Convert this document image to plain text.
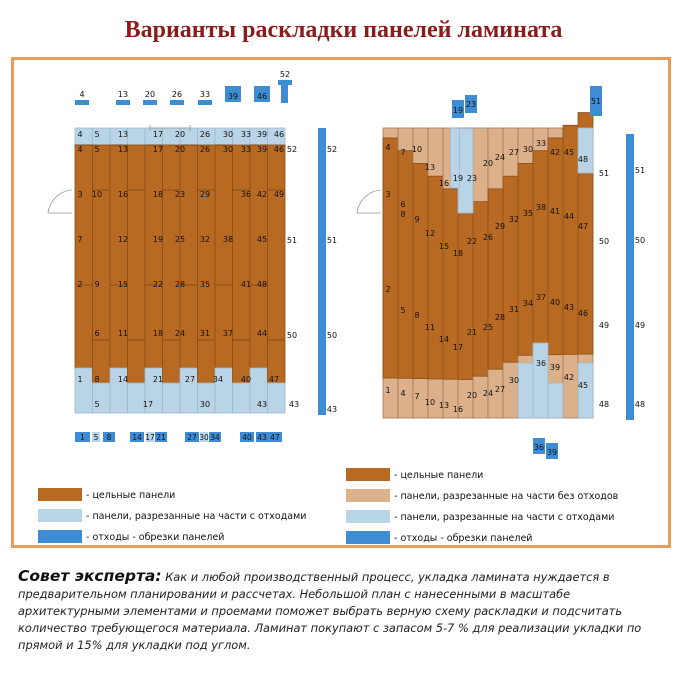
Варианты раскладки панелей ламината
4 5 13	17 20 26 30 33 39 46
4 5 13	17 20 26 30 33 39 46
3 10 16	18 23 29	36 42 49
7	12	19 25 32 38	45
2 9 15	22 28 35	41 48
6 11	18 24 31 37	44
1 8 14	21	27 34 40 47
5	17	30	43
4	13 20 26 33 39 46
52
52	52
51	51
50	50
43
43
1 5 8	14 17 21	27 30 34	40 43 47
4
7 10
13
16
19 23
20
24
27 30
33
42 45
48
3
6
9
12
15
18
22 26
29
32
35
38 41
44
47
8
2
5
8
11
14
17
21
25
28
31
34
37
40
43
46
1 4 7
10 13 16
20 24 27
30
36 39
42
45
19
23	51
51	51
50	50
49	49
48	48
36
39
- цельные панели
- панели, разрезанные на части с отходами
- отходы - обрезки панелей
- цельные панели
- панели, разрезанные на части без отходов
- панели, разрезанные на части с отходами
- отходы - обрезки панелей
Совет эксперта: Как и любой производственный процесс, укладка ламината нуждается в предварительном планировании и рассчетах. Небольшой план с нанесенными в масштабе архитектурными элементами и проемами поможет выбрать верную схему раскладки и подсчитать количество требующегося материала. Ламинат покупают с запасом 5-7 % для реализации укладки по прямой и 15% для укладки под углом.
